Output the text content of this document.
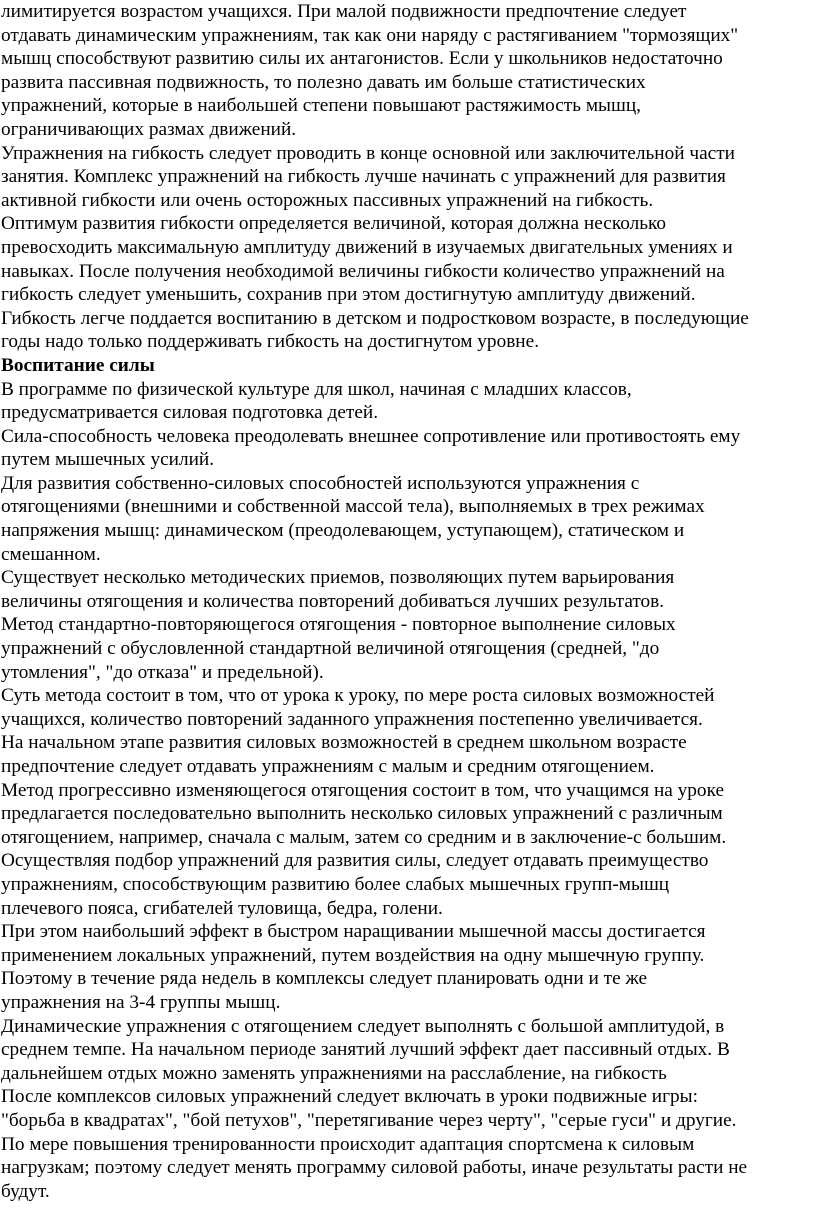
лимитируется возрастом учащихся. При малой подвижности предпочтение следует
отдавать динамическим упражнениям, так как они наряду с растягиванием "тормозящих"
мышц способствуют развитию силы их антагонистов. Если у школьников недостаточно
развита пассивная подвижность, то полезно давать им больше статистических
упражнений, которые в наибольшей степени повышают растяжимость мышц,
ограничивающих размах движений.
Упражнения на гибкость следует проводить в конце основной или заключительной части
занятия. Комплекс упражнений на гибкость лучше начинать с упражнений для развития
активной гибкости или очень осторожных пассивных упражнений на гибкость.
Оптимум развития гибкости определяется величиной, которая должна несколько
превосходить максимальную амплитуду движений в изучаемых двигательных умениях и
навыках. После получения необходимой величины гибкости количество упражнений на
гибкость следует уменьшить, сохранив при этом достигнутую амплитуду движений.
Гибкость легче поддается воспитанию в детском и подростковом возрасте, в последующие
годы надо только поддерживать гибкость на достигнутом уровне.
Воспитание силы
В программе по физической культуре для школ, начиная с младших классов,
предусматривается силовая подготовка детей.
Сила-способность человека преодолевать внешнее сопротивление или противостоять ему
путем мышечных усилий.
Для развития собственно-силовых способностей используются упражнения с
отягощениями (внешними и собственной массой тела), выполняемых в трех режимах
напряжения мышц: динамическом (преодолевающем, уступающем), статическом и
смешанном.
Существует несколько методических приемов, позволяющих путем варьирования
величины отягощения и количества повторений добиваться лучших результатов.
Метод стандартно-повторяющегося отягощения - повторное выполнение силовых
упражнений с обусловленной стандартной величиной отягощения (средней, "до
утомления", "до отказа" и предельной).
Суть метода состоит в том, что от урока к уроку, по мере роста силовых возможностей
учащихся, количество повторений заданного упражнения постепенно увеличивается.
На начальном этапе развития силовых возможностей в среднем школьном возрасте
предпочтение следует отдавать упражнениям с малым и средним отягощением.
Метод прогрессивно изменяющегося отягощения состоит в том, что учащимся на уроке
предлагается последовательно выполнить несколько силовых упражнений с различным
отягощением, например, сначала с малым, затем со средним и в заключение-с большим.
Осуществляя подбор упражнений для развития силы, следует отдавать преимущество
упражнениям, способствующим развитию более слабых мышечных групп-мышц
плечевого пояса, сгибателей туловища, бедра, голени.
При этом наибольший эффект в быстром наращивании мышечной массы достигается
применением локальных упражнений, путем воздействия на одну мышечную группу.
Поэтому в течение ряда недель в комплексы следует планировать одни и те же
упражнения на 3-4 группы мышц.
Динамические упражнения с отягощением следует выполнять с большой амплитудой, в
среднем темпе. На начальном периоде занятий лучший эффект дает пассивный отдых. В
дальнейшем отдых можно заменять упражнениями на расслабление, на гибкость
После комплексов силовых упражнений следует включать в уроки подвижные игры:
"борьба в квадратах", "бой петухов", "перетягивание через черту", "серые гуси" и другие.
По мере повышения тренированности происходит адаптация спортсмена к силовым
нагрузкам; поэтому следует менять программу силовой работы, иначе результаты расти не
будут.
